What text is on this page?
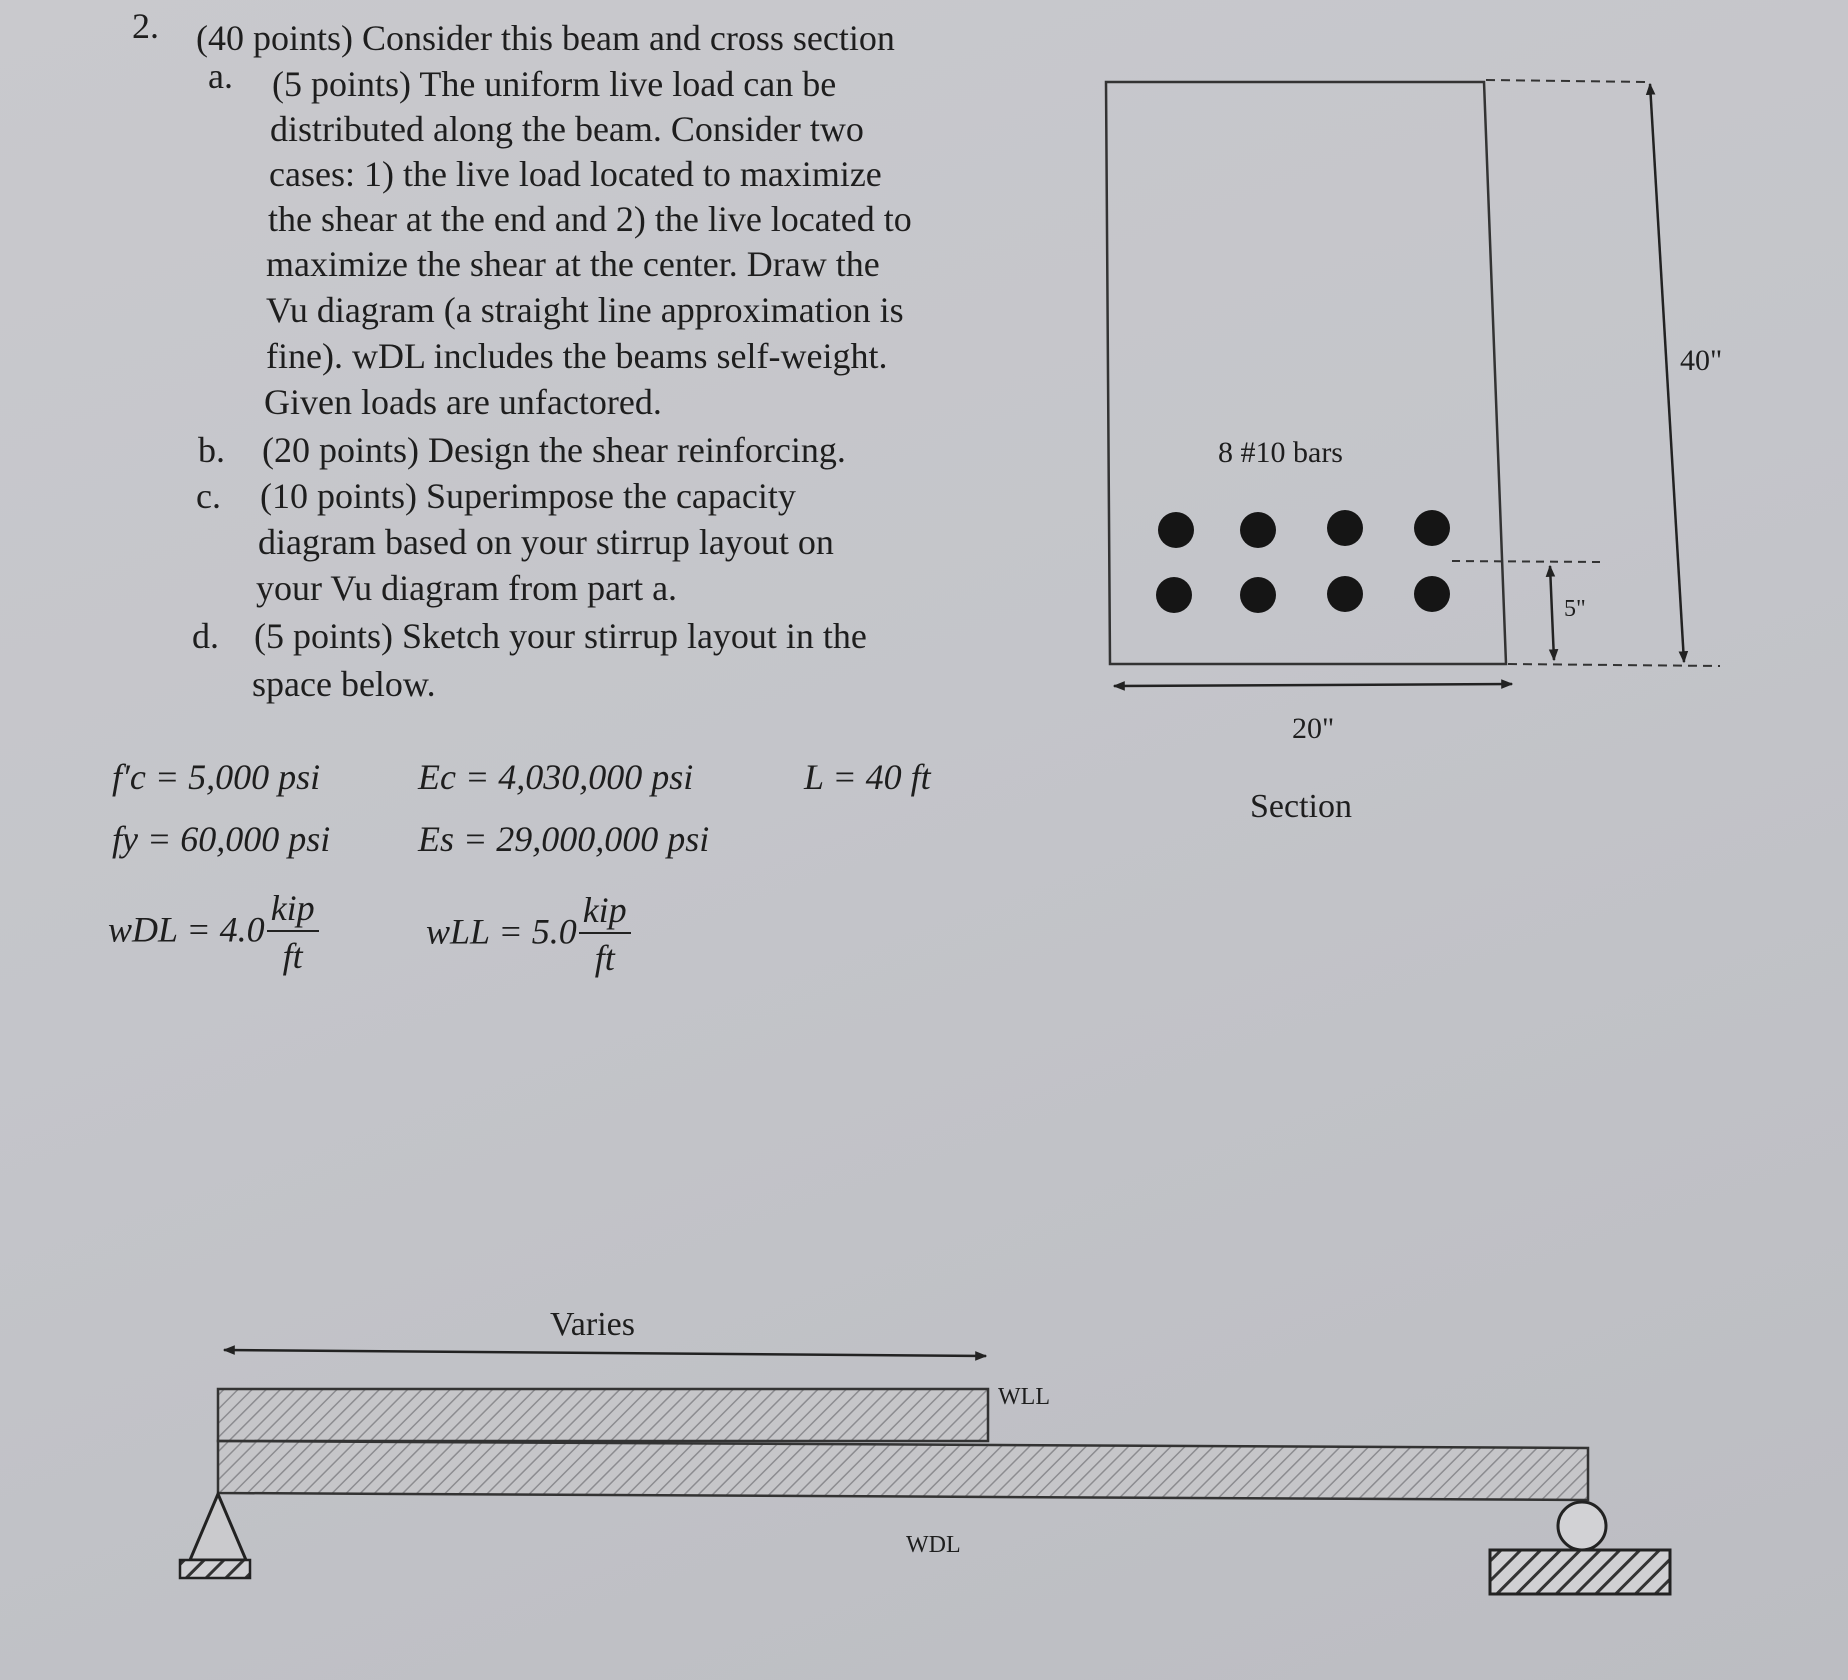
2. (40 points) Consider this beam and cross section
a. (5 points) The uniform live load can be
distributed along the beam. Consider two
cases: 1) the live load located to maximize
the shear at the end and 2) the live located to
maximize the shear at the center. Draw the
Vu diagram (a straight line approximation is
fine). wDL includes the beams self-weight.
Given loads are unfactored.
b. (20 points) Design the shear reinforcing.
c. (10 points) Superimpose the capacity
diagram based on your stirrup layout on
your Vu diagram from part a.
d. (5 points) Sketch your stirrup layout in the
space below.
f′c = 5,000 psi	Ec = 4,030,000 psi	L = 40 ft
fy = 60,000 psi Es = 29,000,000 psi
wDL = $4.0 \frac{\text{kip}}{ft}$	wLL = $5.0 \frac{\text{kip}}{ft}$
8 #10 bars
40"
5"
20"
Section
Varies
WLL
WDL
